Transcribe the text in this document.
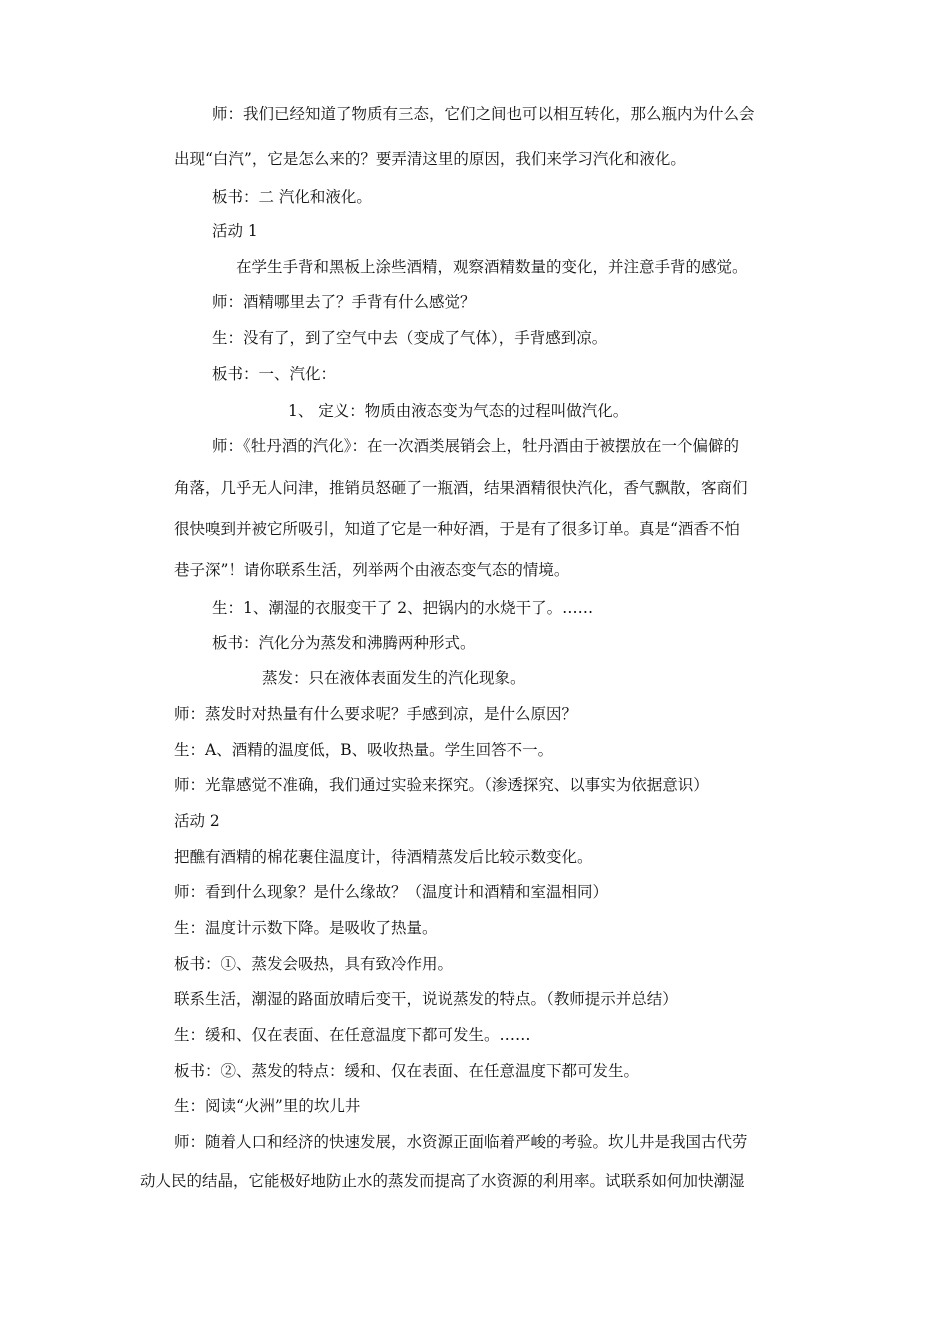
师：我们已经知道了物质有三态，它们之间也可以相互转化，那么瓶内为什么会
出现“白汽”，它是怎么来的？要弄清这里的原因，我们来学习汽化和液化。
板书：二 汽化和液化。
活动 1
在学生手背和黑板上涂些酒精，观察酒精数量的变化，并注意手背的感觉。
师：酒精哪里去了？手背有什么感觉？
生：没有了，到了空气中去（变成了气体），手背感到凉。
板书：一、汽化：
1、 定义：物质由液态变为气态的过程叫做汽化。
师：《牡丹酒的汽化》：在一次酒类展销会上，牡丹酒由于被摆放在一个偏僻的
角落，几乎无人问津，推销员怒砸了一瓶酒，结果酒精很快汽化，香气飘散，客商们
很快嗅到并被它所吸引，知道了它是一种好酒，于是有了很多订单。真是“酒香不怕
巷子深”！请你联系生活，列举两个由液态变气态的情境。
生：1、潮湿的衣服变干了 2、把锅内的水烧干了。……
板书：汽化分为蒸发和沸腾两种形式。
蒸发：只在液体表面发生的汽化现象。
师：蒸发时对热量有什么要求呢？手感到凉，是什么原因？
生：A、酒精的温度低，B、吸收热量。学生回答不一。
师：光靠感觉不准确，我们通过实验来探究。（渗透探究、以事实为依据意识）
活动 2
把醮有酒精的棉花裹住温度计，待酒精蒸发后比较示数变化。
师：看到什么现象？是什么缘故？（温度计和酒精和室温相同）
生：温度计示数下降。是吸收了热量。
板书：①、蒸发会吸热，具有致冷作用。
联系生活，潮湿的路面放晴后变干，说说蒸发的特点。（教师提示并总结）
生：缓和、仅在表面、在任意温度下都可发生。……
板书：②、蒸发的特点：缓和、仅在表面、在任意温度下都可发生。
生：阅读“火洲”里的坎儿井
师：随着人口和经济的快速发展，水资源正面临着严峻的考验。坎儿井是我国古代劳
动人民的结晶，它能极好地防止水的蒸发而提高了水资源的利用率。试联系如何加快潮湿
